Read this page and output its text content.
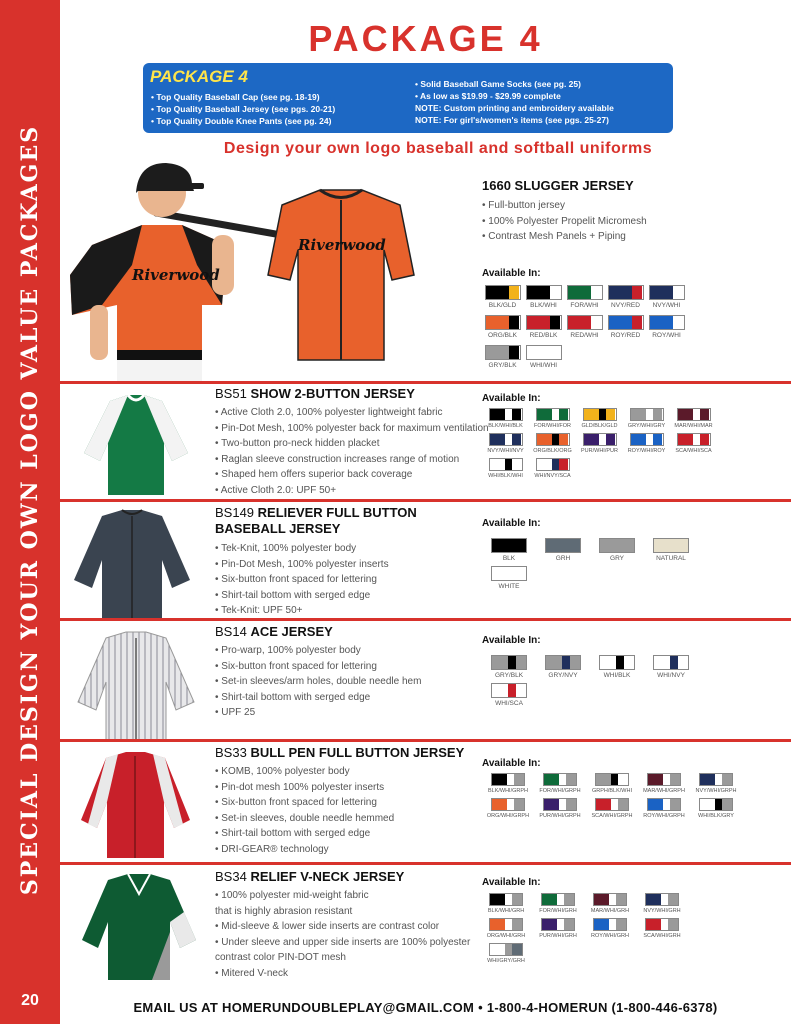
SPECIAL DESIGN YOUR OWN LOGO VALUE PACKAGES
20
PACKAGE 4
PACKAGE 4
• Top Quality Baseball Cap (see pg. 18-19)
• Top Quality Baseball Jersey (see pgs. 20-21)
• Top Quality Double Knee Pants (see pg. 24)
• Solid Baseball Game Socks (see pg. 25)
• As low as $19.99 - $29.99 complete
NOTE: Custom printing and embroidery available
NOTE: For girl's/women's items (see pgs. 25-27)
Design your own logo baseball and softball uniforms
Riverwood
Riverwood
1660 SLUGGER JERSEY
• Full-button jersey
• 100% Polyester Propelit Micromesh
• Contrast Mesh Panels + Piping
Available In:
BLK/GLD BLK/WHI FOR/WHI NVY/RED NVY/WHI
ORG/BLK RED/BLK RED/WHI ROY/RED ROY/WHI
GRY/BLK WHI/WHI
BS51 SHOW 2-BUTTON JERSEY
• Active Cloth 2.0, 100% polyester lightweight fabric
• Pin-Dot Mesh, 100% polyester back for maximum ventilation
• Two-button pro-neck hidden placket
• Raglan sleeve construction increases range of motion
• Shaped hem offers superior back coverage
• Active Cloth 2.0: UPF 50+
Available In:
BLK/WHI/BLK FOR/WHI/FOR GLD/BLK/GLD GRY/WHI/GRY MAR/WHI/MAR
NVY/WHI/NVY ORG/BLK/ORG PUR/WHI/PUR ROY/WHI/ROY SCA/WHI/SCA
WHI/BLK/WHI WHI/NVY/SCA
BS149 RELIEVER FULL BUTTON
BASEBALL JERSEY
• Tek-Knit, 100% polyester body
• Pin-Dot Mesh, 100% polyester inserts
• Six-button front spaced for lettering
• Shirt-tail bottom with serged edge
• Tek-Knit: UPF 50+
Available In:
BLK	GRH	GRY	NATURAL
WHITE
BS14 ACE JERSEY
• Pro-warp, 100% polyester body
• Six-button front spaced for lettering
• Set-in sleeves/arm holes, double needle hem
• Shirt-tail bottom with serged edge
• UPF 25
Available In:
GRY/BLK	GRY/NVY	WHI/BLK	WHI/NVY
WHI/SCA
BS33 BULL PEN FULL BUTTON JERSEY
• KOMB, 100% polyester body
• Pin-dot mesh 100% polyester inserts
• Six-button front spaced for lettering
• Set-in sleeves, double needle hemmed
• Shirt-tail bottom with serged edge
• DRI-GEAR® technology
Available In:
BLK/WHI/GRPH FOR/WHI/GRPH GRPH/BLK/WHI MAR/WHI/GRPH NVY/WHI/GRPH
ORG/WHI/GRPH PUR/WHI/GRPH SCA/WHI/GRPH ROY/WHI/GRPH WHI/BLK/GRY
BS34 RELIEF V-NECK JERSEY
• 100% polyester mid-weight fabric
that is highly abrasion resistant
• Mid-sleeve & lower side inserts are contrast color
• Under sleeve and upper side inserts are 100% polyester
contrast color PIN-DOT mesh
• Mitered V-neck
Available In:
BLK/WHI/GRH	FOR/WHI/GRH	MAR/WHI/GRH	NVY/WHI/GRH
ORG/WHI/GRH	PUR/WHI/GRH	ROY/WHI/GRH	SCA/WHI/GRH
WHI/GRY/GRH
EMAIL US AT HOMERUNDOUBLEPLAY@GMAIL.COM • 1-800-4-HOMERUN (1-800-446-6378)
